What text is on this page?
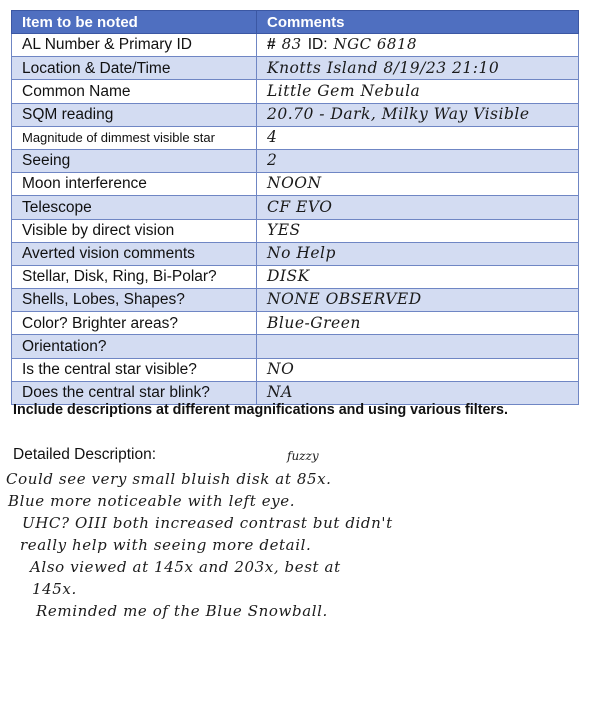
Item to be noted	Comments
AL Number & Primary ID	# 83 ID: NGC 6818
Location & Date/Time	Knotts Island 8/19/23 21:10
Common Name	Little Gem Nebula
SQM reading	20.70 - Dark, Milky Way Visible
Magnitude of dimmest visible star	4
Seeing	2
Moon interference	NOON
Telescope	CF EVO
Visible by direct vision	YES
Averted vision comments	No Help
Stellar, Disk, Ring, Bi-Polar?	DISK
Shells, Lobes, Shapes?	NONE OBSERVED
Color? Brighter areas?	Blue-Green
Orientation?	
Is the central star visible?	NO
Does the central star blink?	NA
Include descriptions at different magnifications and using various filters.
Detailed Description:	fuzzy
Could see very small bluish disk at 85x.
Blue more noticeable with left eye.
UHC? OIII both increased contrast but didn't
really help with seeing more detail.
Also viewed at 145x and 203x, best at
145x.
Reminded me of the Blue Snowball.
